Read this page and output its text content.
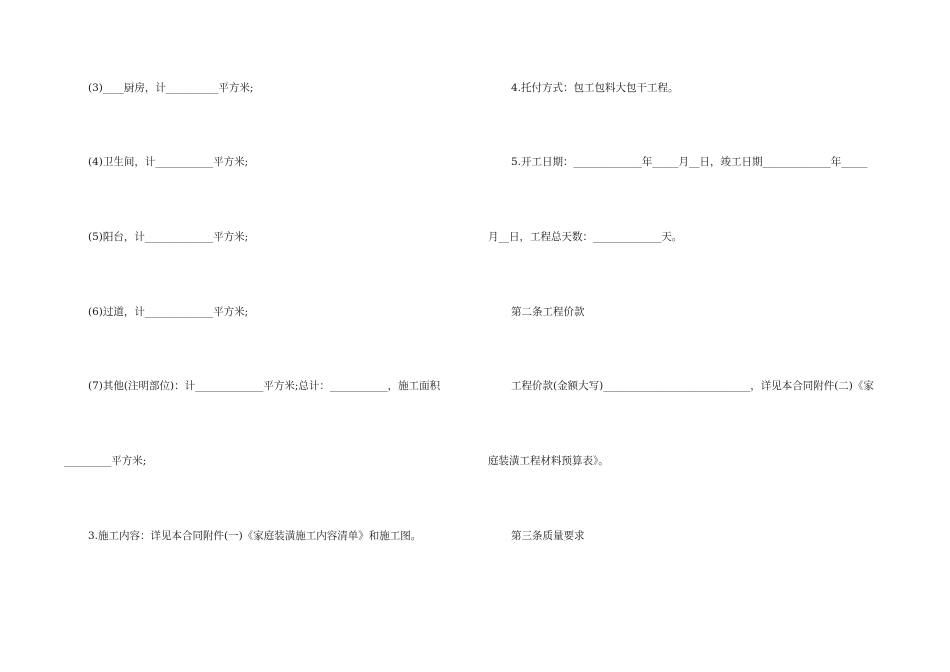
(3)____厨房，计__________平方米;
(4)卫生间，计___________平方米;
(5)阳台，计_____________平方米;
(6)过道，计_____________平方米;
(7)其他(注明部位)：计_____________平方米;总计：___________，施工面积
_________平方米;
3.施工内容：详见本合同附件(一)《家庭装潢施工内容清单》和施工图。
4.托付方式：包工包料大包干工程。
5.开工日期：_____________年_____月__日，竣工日期_____________年_____
月__日，工程总天数：_____________天。
第二条工程价款
工程价款(金额大写)____________________________，详见本合同附件(二)《家
庭装潢工程材料预算表》。
第三条质量要求
